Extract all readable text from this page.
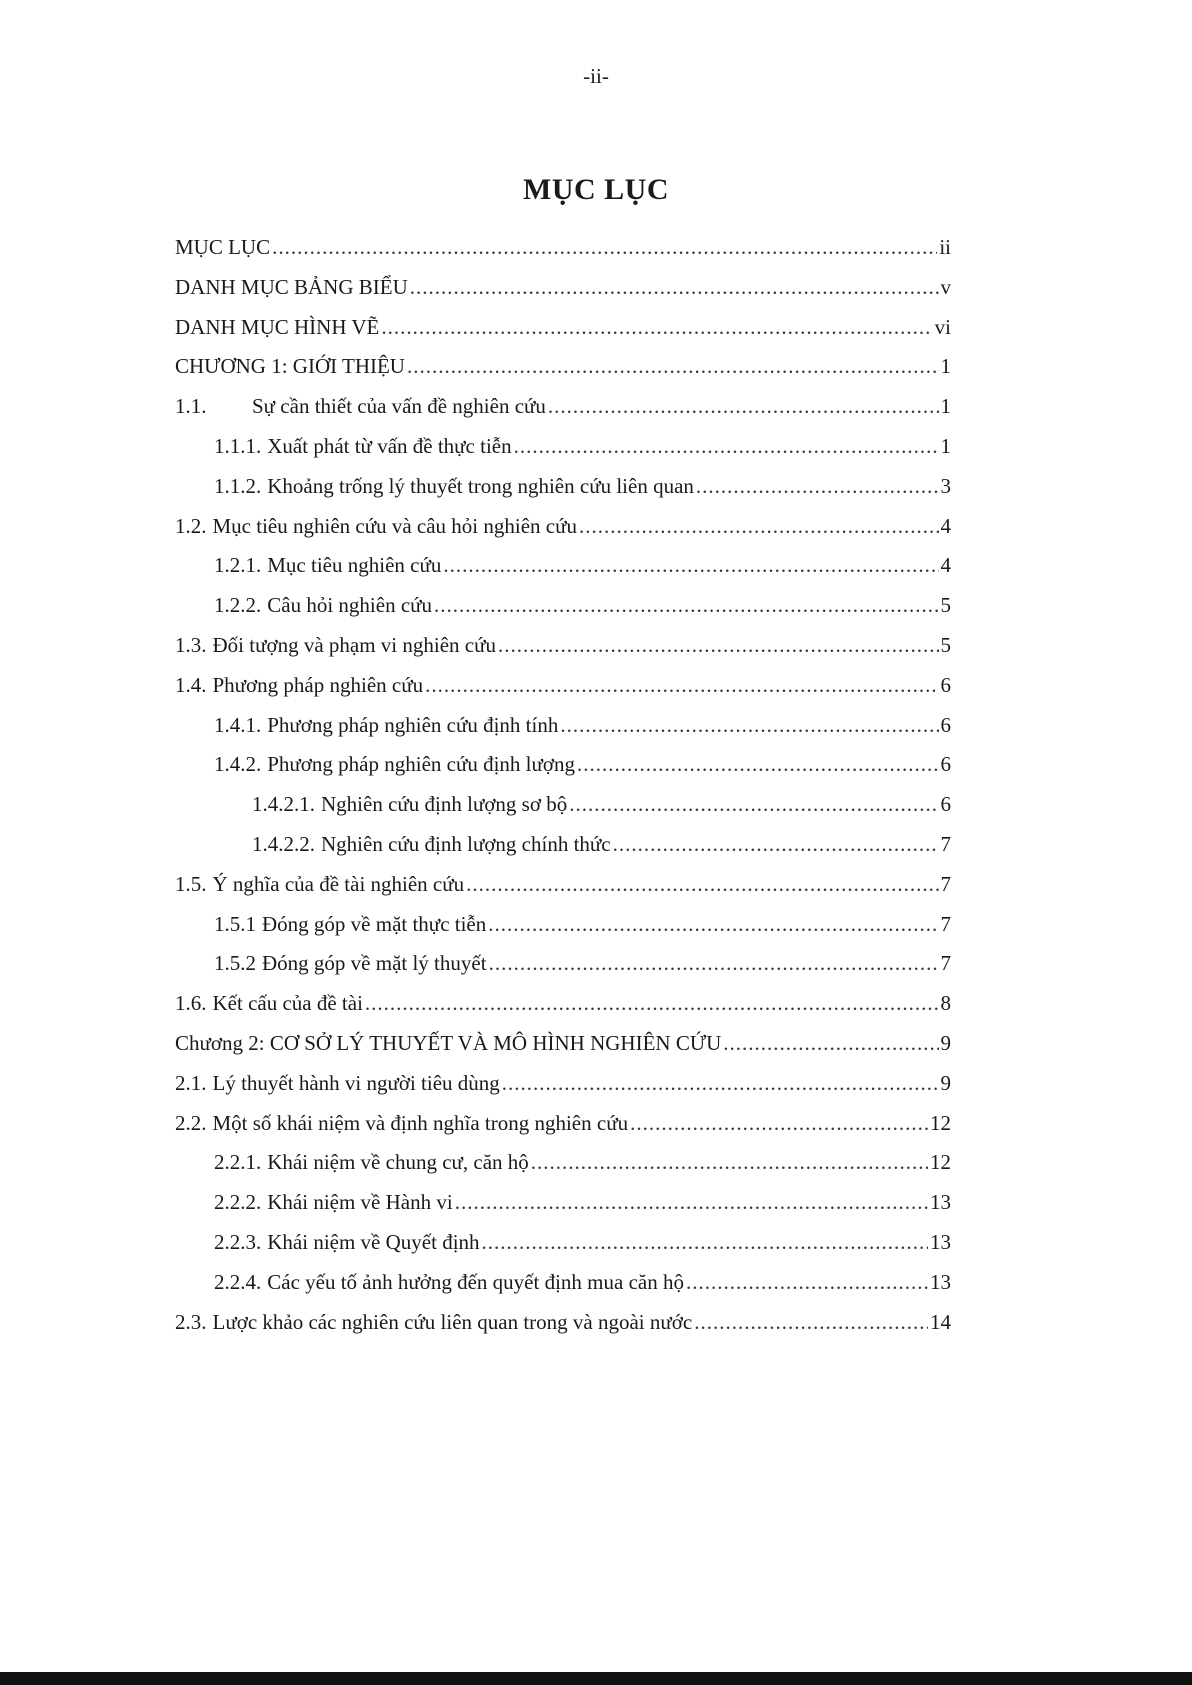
-ii-
MỤC LỤC
MỤC LỤC .....	ii
DANH MỤC BẢNG BIỂU .....	v
DANH MỤC HÌNH VẼ .....	vi
CHƯƠNG 1: GIỚI THIỆU .....	1
1.1.	Sự cần thiết của vấn đề nghiên cứu .....	1
1.1.1. Xuất phát từ vấn đề thực tiễn .....	1
1.1.2. Khoảng trống lý thuyết trong nghiên cứu liên quan .....	3
1.2. Mục tiêu nghiên cứu và câu hỏi nghiên cứu .....	4
1.2.1. Mục tiêu nghiên cứu .....	4
1.2.2. Câu hỏi nghiên cứu .....	5
1.3. Đối tượng và phạm vi nghiên cứu .....	5
1.4. Phương pháp nghiên cứu .....	6
1.4.1. Phương pháp nghiên cứu định tính .....	6
1.4.2. Phương pháp nghiên cứu định lượng .....	6
1.4.2.1. Nghiên cứu định lượng sơ bộ .....	6
1.4.2.2. Nghiên cứu định lượng chính thức .....	7
1.5. Ý nghĩa của đề tài nghiên cứu .....	7
1.5.1 Đóng góp về mặt thực tiễn .....	7
1.5.2 Đóng góp về mặt lý thuyết .....	7
1.6. Kết cấu của đề tài .....	8
Chương 2: CƠ SỞ LÝ THUYẾT VÀ MÔ HÌNH NGHIÊN CỨU .....	9
2.1. Lý thuyết hành vi người tiêu dùng .....	9
2.2. Một số khái niệm và định nghĩa trong nghiên cứu .....	12
2.2.1. Khái niệm về chung cư, căn hộ .....	12
2.2.2. Khái niệm về Hành vi .....	13
2.2.3. Khái niệm về Quyết định .....	13
2.2.4. Các yếu tố ảnh hưởng đến quyết định mua căn hộ .....	13
2.3. Lược khảo các nghiên cứu liên quan trong và ngoài nước .....	14
